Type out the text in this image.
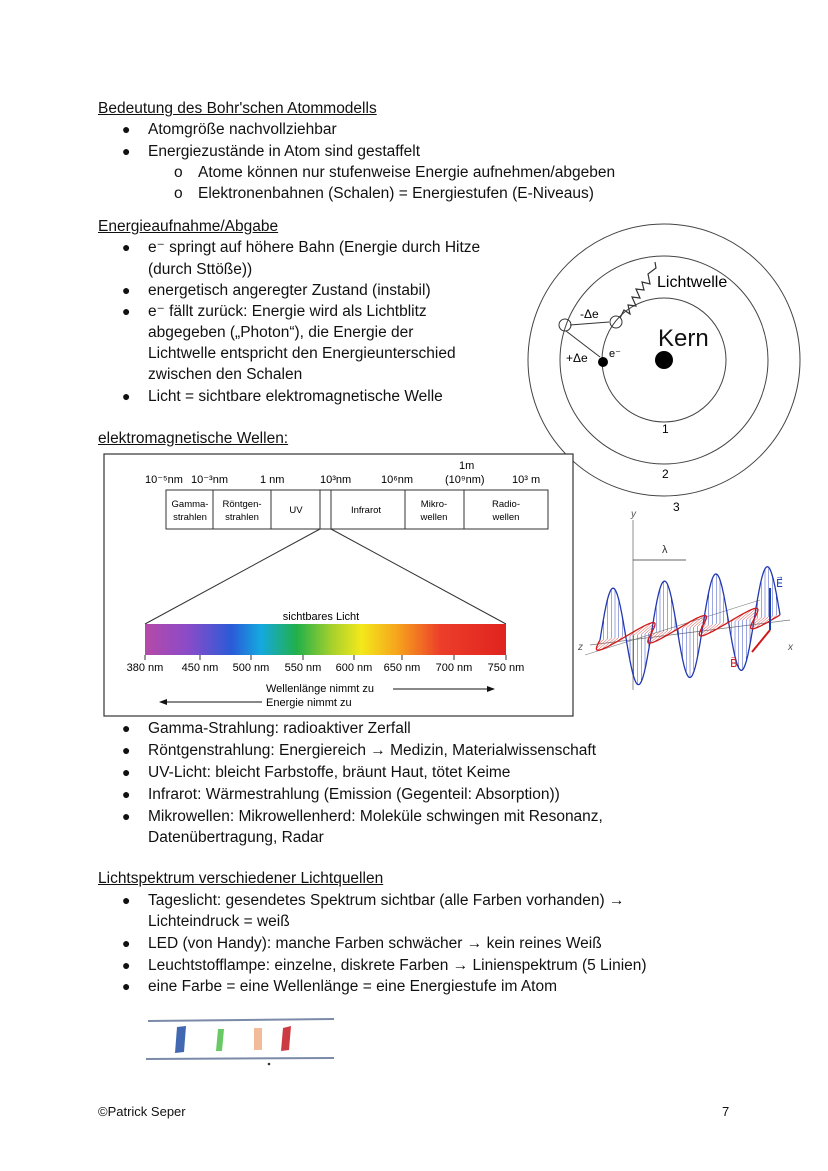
Bedeutung des Bohr'schen Atommodells
● Atomgröße nachvollziehbar
● Energiezustände in Atom sind gestaffelt
o Atome können nur stufenweise Energie aufnehmen/abgeben
o Elektronenbahnen (Schalen) = Energiestufen (E-Niveaus)
Energieaufnahme/Abgabe
● e⁻ springt auf höhere Bahn (Energie durch Hitze
(durch Sttöße))
● energetisch angeregter Zustand (instabil)
● e⁻ fällt zurück: Energie wird als Lichtblitz
abgegeben („Photon“), die Energie der
Lichtwelle entspricht den Energieunterschied
zwischen den Schalen
● Licht = sichtbare elektromagnetische Welle
Kern
e⁻
Lichtwelle
-Δe
+Δe
1
2
3
elektromagnetische Wellen:
10⁻⁵nm 10⁻³nm	1 nm	10³nm	10⁶nm
1m
(10⁹nm) 10³ m
Gamma-
strahlen
Röntgen-
strahlen
UV	Infrarot
Mikro-
wellen
Radio-
wellen
sichtbares Licht
380 nm 450 nm 500 nm 550 nm 600 nm 650 nm 700 nm 750 nm
Wellenlänge nimmt zu
Energie nimmt zu
y
z	x
λ
E⃗
B⃗
● Gamma-Strahlung: radioaktiver Zerfall
● Röntgenstrahlung: Energiereich → Medizin, Materialwissenschaft
● UV-Licht: bleicht Farbstoffe, bräunt Haut, tötet Keime
● Infrarot: Wärmestrahlung (Emission (Gegenteil: Absorption))
● Mikrowellen: Mikrowellenherd: Moleküle schwingen mit Resonanz,
Datenübertragung, Radar
Lichtspektrum verschiedener Lichtquellen
● Tageslicht: gesendetes Spektrum sichtbar (alle Farben vorhanden) →
Lichteindruck = weiß
● LED (von Handy): manche Farben schwächer → kein reines Weiß
● Leuchtstofflampe: einzelne, diskrete Farben → Linienspektrum (5 Linien)
● eine Farbe = eine Wellenlänge = eine Energiestufe im Atom
©Patrick Seper	7
